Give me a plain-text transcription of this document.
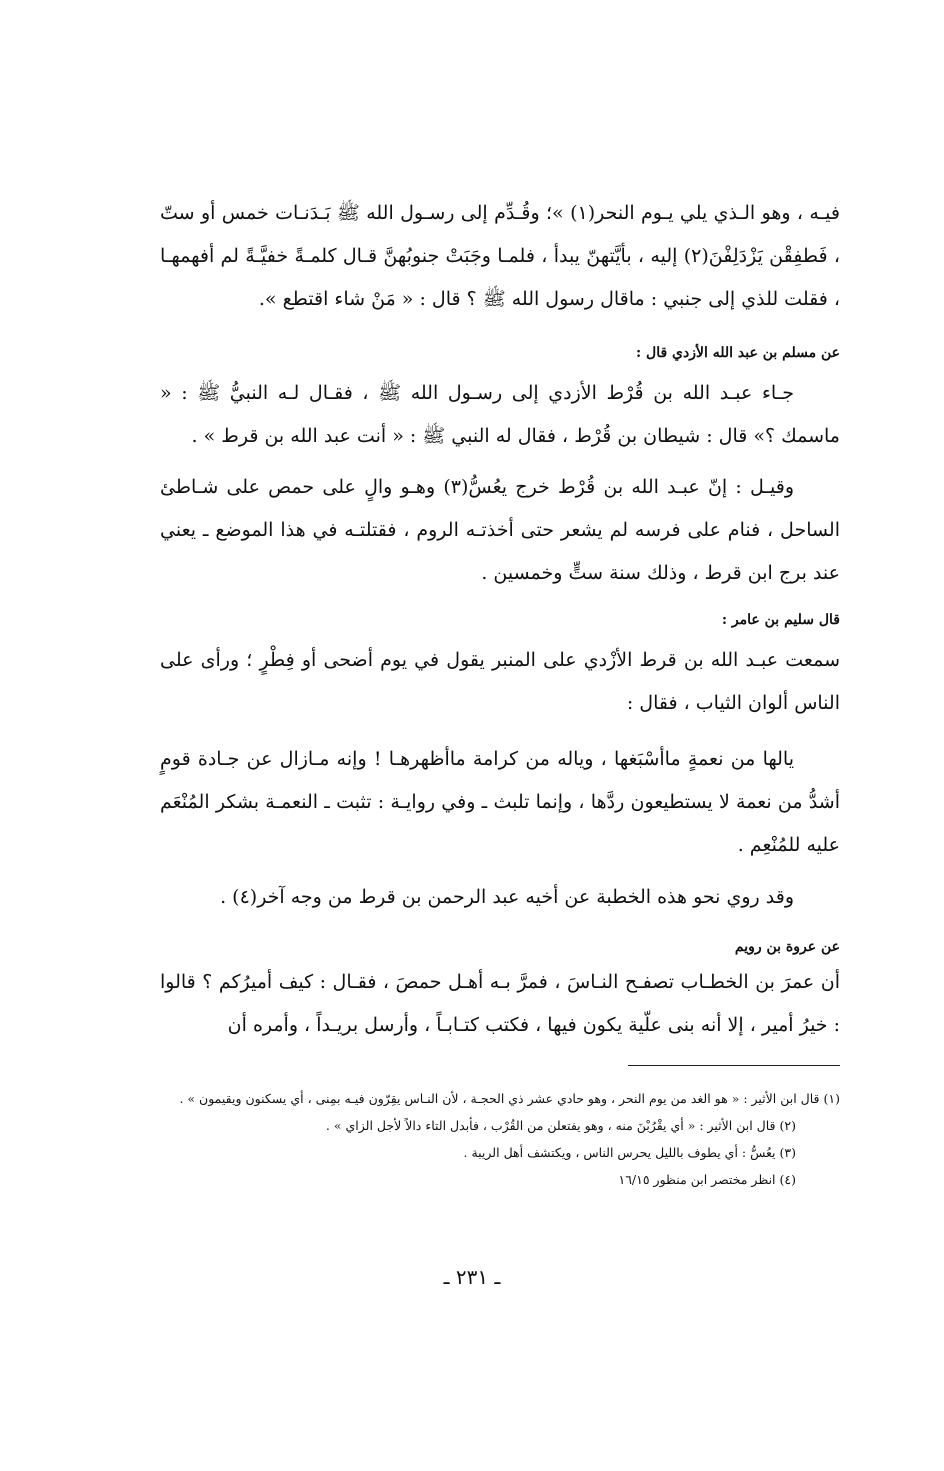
فيـه ، وهو الـذي يلي يـوم النحر(١) »؛ وقُـدِّم إلى رسـول الله ﷺ بَـدَنـات خمس أو ستّ ، فَطفِقْن يَزْدَلِفْنَ(٢) إليه ، بأيَّتهنّ يبدأ ، فلمـا وجَبَتْ جنوبُهنَّ قـال كلمـةً خفيَّـةً لم أفهمهـا ، فقلت للذي إلى جنبي : ماقال رسول الله ﷺ ؟ قال : « مَنْ شاء اقتطع ».

عن مسلم بن عبد الله الأزدي قال :

جـاء عبـد الله بن قُرْط الأزدي إلى رسـول الله ﷺ ، فقـال لـه النبيُّ ﷺ : « ماسمك ؟» قال : شيطان بن قُرْط ، فقال له النبي ﷺ : « أنت عبد الله بن قرط » .

وقيـل : إنّ عبـد الله بن قُرْط خرج يعُسُّ(٣) وهـو والٍ على حمص على شـاطئ الساحل ، فنام على فرسه لم يشعر حتى أخذتـه الروم ، فقتلتـه في هذا الموضع ـ يعني عند برج ابن قرط ، وذلك سنة ستٍّ وخمسين .

قال سليم بن عامر :

سمعت عبـد الله بن قرط الأزْدي على المنبر يقول في يوم أضحى أو فِطْرٍ ؛ ورأى على الناس ألوان الثياب ، فقال :

يالها من نعمةٍ ماأسْبَغها ، وياله من كرامة ماأظهرهـا ! وإنه مـازال عن جـادة قومٍ أشدُّ من نعمة لا يستطيعون ردَّها ، وإنما تلبث ـ وفي روايـة : تثبت ـ النعمـة بشكر المُنْعَم عليه للمُنْعِم .

وقد روي نحو هذه الخطبة عن أخيه عبد الرحمن بن قرط من وجه آخر(٤) .

عن عروة بن رويم

أن عمرَ بن الخطـاب تصفـح النـاسَ ، فمرَّ بـه أهـل حمصَ ، فقـال : كيف أميرُكم ؟ قالوا : خيرُ أمير ، إلا أنه بنى علّية يكون فيها ، فكتب كتـابـاً ، وأرسل بريـداً ، وأمره أن

(١) قال ابن الأثير : « هو الغد من يوم النحر ، وهو حادي عشر ذي الحجـة ، لأن النـاس يقِرّون فيـه بمِنى ، أي يسكنون ويقيمون » .

(٢) قال ابن الأثير : « أي يقْرُبْنَ منه ، وهو يفتعلن من القُرْب ، فأبدل التاء دالاً لأجل الزاي » .

(٣) يعُسُّ : أي يطوف بالليل يحرس الناس ، ويكتشف أهل الريبة .

(٤) انظر مختصر ابن منظور ١٦/١٥

ـ ٢٣١ ـ
